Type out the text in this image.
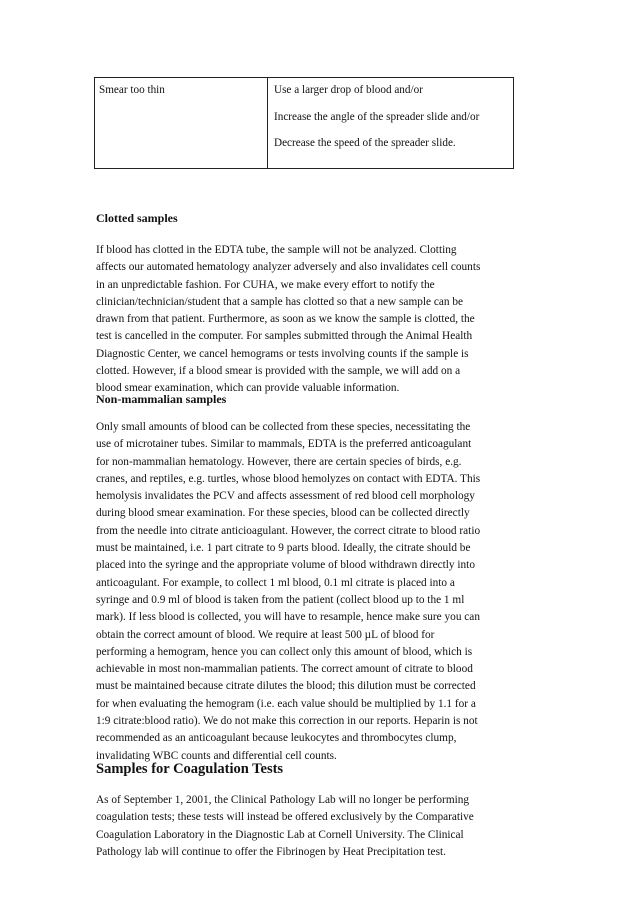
Smear too thin	Use a larger drop of blood and/or

Increase the angle of the spreader slide and/or

Decrease the speed of the spreader slide.

Clotted samples
If blood has clotted in the EDTA tube, the sample will not be analyzed. Clotting
affects our automated hematology analyzer adversely and also invalidates cell counts
in an unpredictable fashion. For CUHA, we make every effort to notify the
clinician/technician/student that a sample has clotted so that a new sample can be
drawn from that patient. Furthermore, as soon as we know the sample is clotted, the
test is cancelled in the computer. For samples submitted through the Animal Health
Diagnostic Center, we cancel hemograms or tests involving counts if the sample is
clotted. However, if a blood smear is provided with the sample, we will add on a
blood smear examination, which can provide valuable information.
Non-mammalian samples
Only small amounts of blood can be collected from these species, necessitating the
use of microtainer tubes. Similar to mammals, EDTA is the preferred anticoagulant
for non-mammalian hematology. However, there are certain species of birds, e.g.
cranes, and reptiles, e.g. turtles, whose blood hemolyzes on contact with EDTA. This
hemolysis invalidates the PCV and affects assessment of red blood cell morphology
during blood smear examination. For these species, blood can be collected directly
from the needle into citrate anticioagulant. However, the correct citrate to blood ratio
must be maintained, i.e. 1 part citrate to 9 parts blood. Ideally, the citrate should be
placed into the syringe and the appropriate volume of blood withdrawn directly into
anticoagulant. For example, to collect 1 ml blood, 0.1 ml citrate is placed into a
syringe and 0.9 ml of blood is taken from the patient (collect blood up to the 1 ml
mark). If less blood is collected, you will have to resample, hence make sure you can
obtain the correct amount of blood. We require at least 500 µL of blood for
performing a hemogram, hence you can collect only this amount of blood, which is
achievable in most non-mammalian patients. The correct amount of citrate to blood
must be maintained because citrate dilutes the blood; this dilution must be corrected
for when evaluating the hemogram (i.e. each value should be multiplied by 1.1 for a
1:9 citrate:blood ratio). We do not make this correction in our reports. Heparin is not
recommended as an anticoagulant because leukocytes and thrombocytes clump,
invalidating WBC counts and differential cell counts.
Samples for Coagulation Tests
As of September 1, 2001, the Clinical Pathology Lab will no longer be performing
coagulation tests; these tests will instead be offered exclusively by the Comparative
Coagulation Laboratory in the Diagnostic Lab at Cornell University. The Clinical
Pathology lab will continue to offer the Fibrinogen by Heat Precipitation test.
